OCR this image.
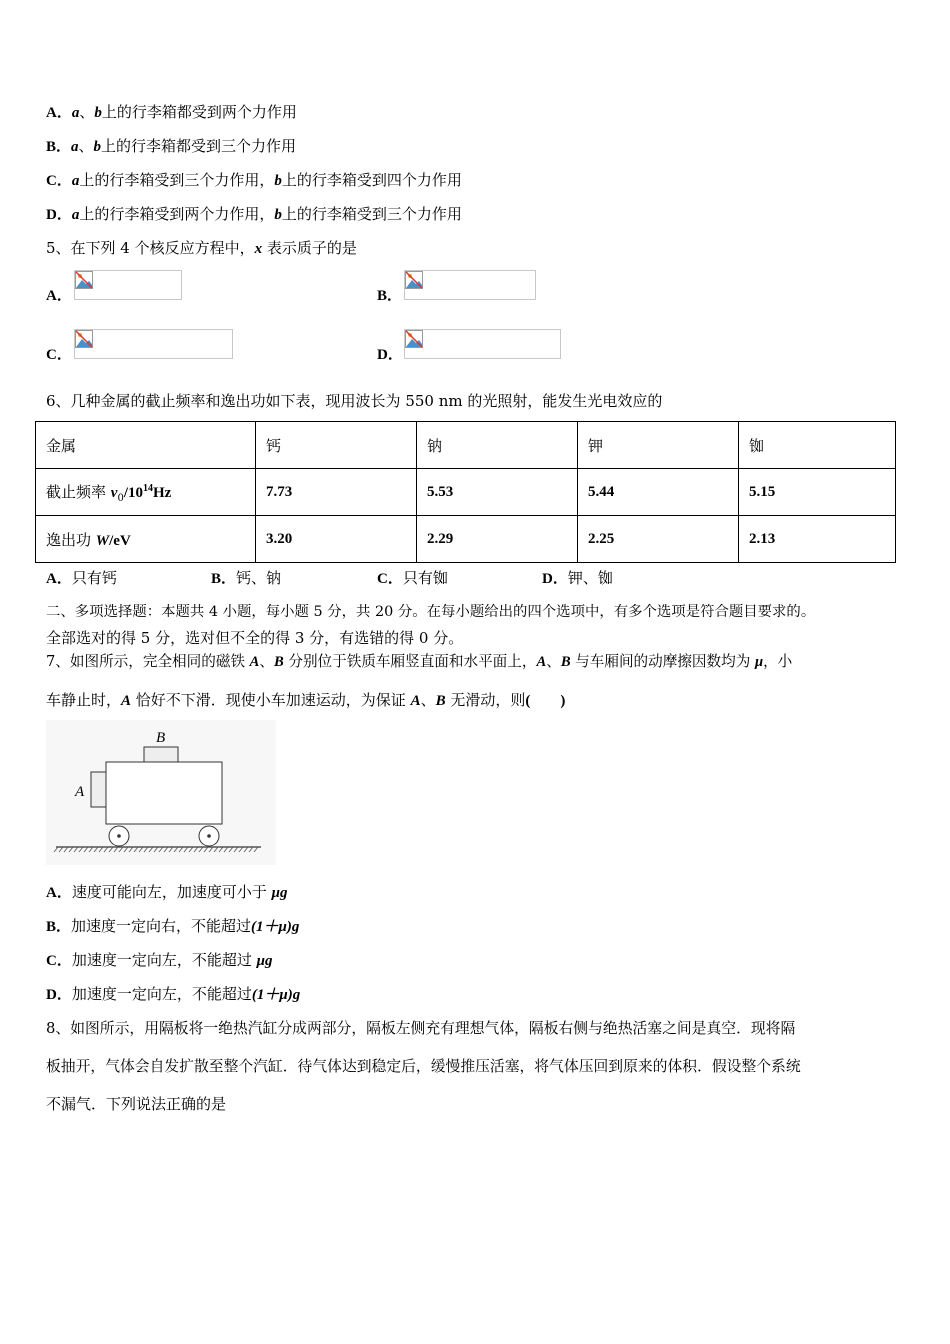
A．a、b上的行李箱都受到两个力作用
B．a、b上的行李箱都受到三个力作用
C．a上的行李箱受到三个力作用，b上的行李箱受到四个力作用
D．a上的行李箱受到两个力作用，b上的行李箱受到三个力作用
5、在下列 4 个核反应方程中，x 表示质子的是
A．	B．
C．	D．
6、几种金属的截止频率和逸出功如下表，现用波长为 550 nm 的光照射，能发生光电效应的
金属	钙	钠	钾	铷
截止频率 $\nu_0/10^{14}Hz$	7.73	5.53	5.44	5.15
逸出功 W/eV	3.20	2.29	2.25	2.13
A．只有钙	B．钙、钠	C．只有铷	D．钾、铷
二、多项选择题：本题共 4 小题，每小题 5 分，共 20 分。在每小题给出的四个选项中，有多个选项是符合题目要求的。
全部选对的得 5 分，选对但不全的得 3 分，有选错的得 0 分。
7、如图所示，完全相同的磁铁 A、B 分别位于铁质车厢竖直面和水平面上，A、B 与车厢间的动摩擦因数均为 μ，小
车静止时，A 恰好不下滑．现使小车加速运动，为保证 A、B 无滑动，则(　　)
B
A
A．速度可能向左，加速度可小于 μg
B．加速度一定向右，不能超过(1＋μ)g
C．加速度一定向左，不能超过 μg
D．加速度一定向左，不能超过(1＋μ)g
8、如图所示，用隔板将一绝热汽缸分成两部分，隔板左侧充有理想气体，隔板右侧与绝热活塞之间是真空．现将隔
板抽开，气体会自发扩散至整个汽缸．待气体达到稳定后，缓慢推压活塞，将气体压回到原来的体积．假设整个系统
不漏气．下列说法正确的是
